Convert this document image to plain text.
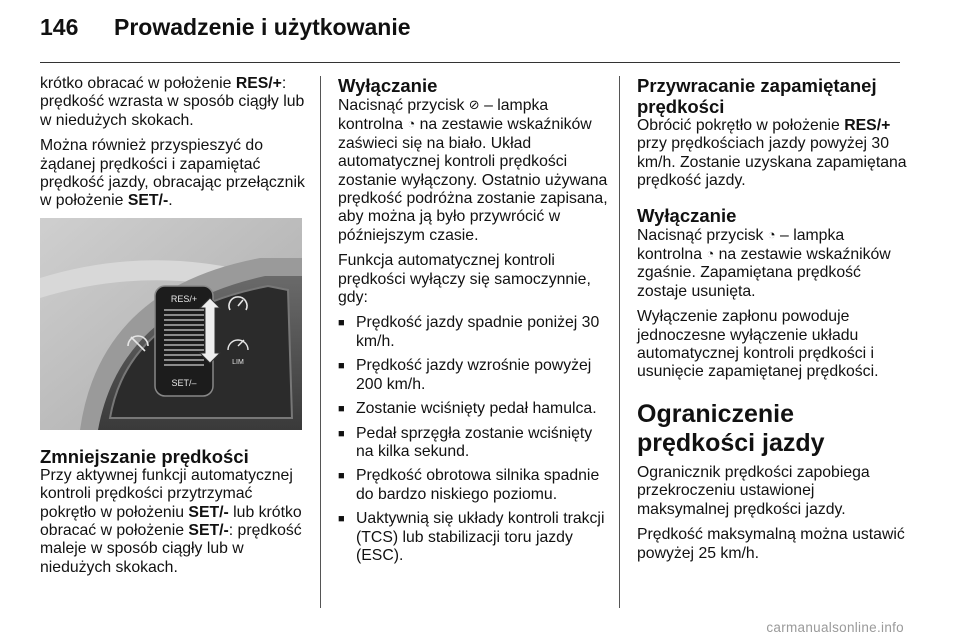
146 Prowadzenie i użytkowanie

krótko obracać w położenie RES/+: prędkość wzrasta w sposób ciągły lub w niedużych skokach.

Można również przyspieszyć do żądanej prędkości i zapamiętać prędkość jazdy, obracając przełącznik w położenie SET/-.

RES/+
SET/–
LIM
Zmniejszanie prędkości

Przy aktywnej funkcji automatycznej kontroli prędkości przytrzymać pokrętło w położeniu SET/- lub krótko obracać w położenie SET/-: prędkość maleje w sposób ciągły lub w niedużych skokach.

Wyłączanie

Nacisnąć przycisk ⊘ – lampka kontrolna ◔ na zestawie wskaźników zaświeci się na biało. Układ automatycznej kontroli prędkości zostanie wyłączony. Ostatnio używana prędkość podróżna zostanie zapisana, aby można ją było przywrócić w późniejszym czasie.

Funkcja automatycznej kontroli prędkości wyłączy się samoczynnie, gdy:

■ Prędkość jazdy spadnie poniżej 30 km/h.
■ Prędkość jazdy wzrośnie powyżej 200 km/h.
■ Zostanie wciśnięty pedał hamulca.
■ Pedał sprzęgła zostanie wciśnięty na kilka sekund.
■ Prędkość obrotowa silnika spadnie do bardzo niskiego poziomu.
■ Uaktywnią się układy kontroli trakcji (TCS) lub stabilizacji toru jazdy (ESC).
Przywracanie zapamiętanej prędkości

Obrócić pokrętło w położenie RES/+ przy prędkościach jazdy powyżej 30 km/h. Zostanie uzyskana zapamiętana prędkość jazdy.

Wyłączanie

Nacisnąć przycisk ◔ – lampka kontrolna ◔ na zestawie wskaźników zgaśnie. Zapamiętana prędkość zostaje usunięta.

Wyłączenie zapłonu powoduje jednoczesne wyłączenie układu automatycznej kontroli prędkości i usunięcie zapamiętanej prędkości.

Ograniczenie prędkości jazdy

Ogranicznik prędkości zapobiega przekroczeniu ustawionej maksymalnej prędkości jazdy.

Prędkość maksymalną można ustawić powyżej 25 km/h.

carmanualsonline.info
